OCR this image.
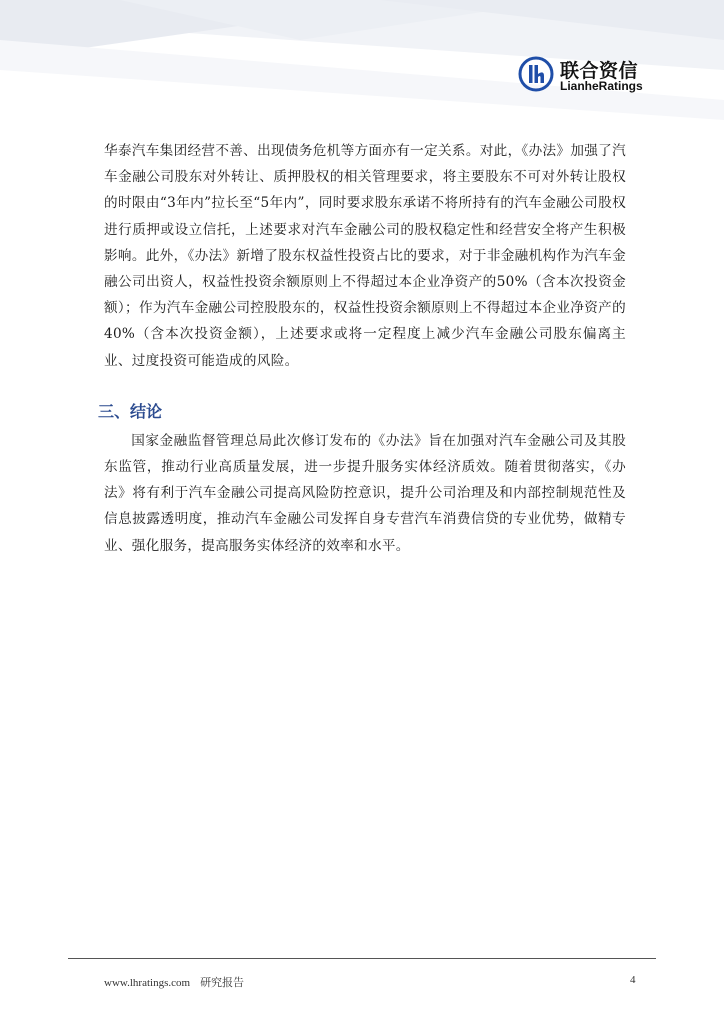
联合资信
LianheRatings

华泰汽车集团经营不善、出现债务危机等方面亦有一定关系。对此，《办法》加强了汽车金融公司股东对外转让、质押股权的相关管理要求，将主要股东不可对外转让股权的时限由“3年内”拉长至“5年内”，同时要求股东承诺不将所持有的汽车金融公司股权进行质押或设立信托，上述要求对汽车金融公司的股权稳定性和经营安全将产生积极影响。此外，《办法》新增了股东权益性投资占比的要求，对于非金融机构作为汽车金融公司出资人，权益性投资余额原则上不得超过本企业净资产的50%（含本次投资金额）；作为汽车金融公司控股股东的，权益性投资余额原则上不得超过本企业净资产的40%（含本次投资金额），上述要求或将一定程度上减少汽车金融公司股东偏离主业、过度投资可能造成的风险。

三、结论

国家金融监督管理总局此次修订发布的《办法》旨在加强对汽车金融公司及其股东监管，推动行业高质量发展，进一步提升服务实体经济质效。随着贯彻落实，《办法》将有利于汽车金融公司提高风险防控意识，提升公司治理及和内部控制规范性及信息披露透明度，推动汽车金融公司发挥自身专营汽车消费信贷的专业优势，做精专业、强化服务，提高服务实体经济的效率和水平。

www.lhratings.com 研究报告	4
